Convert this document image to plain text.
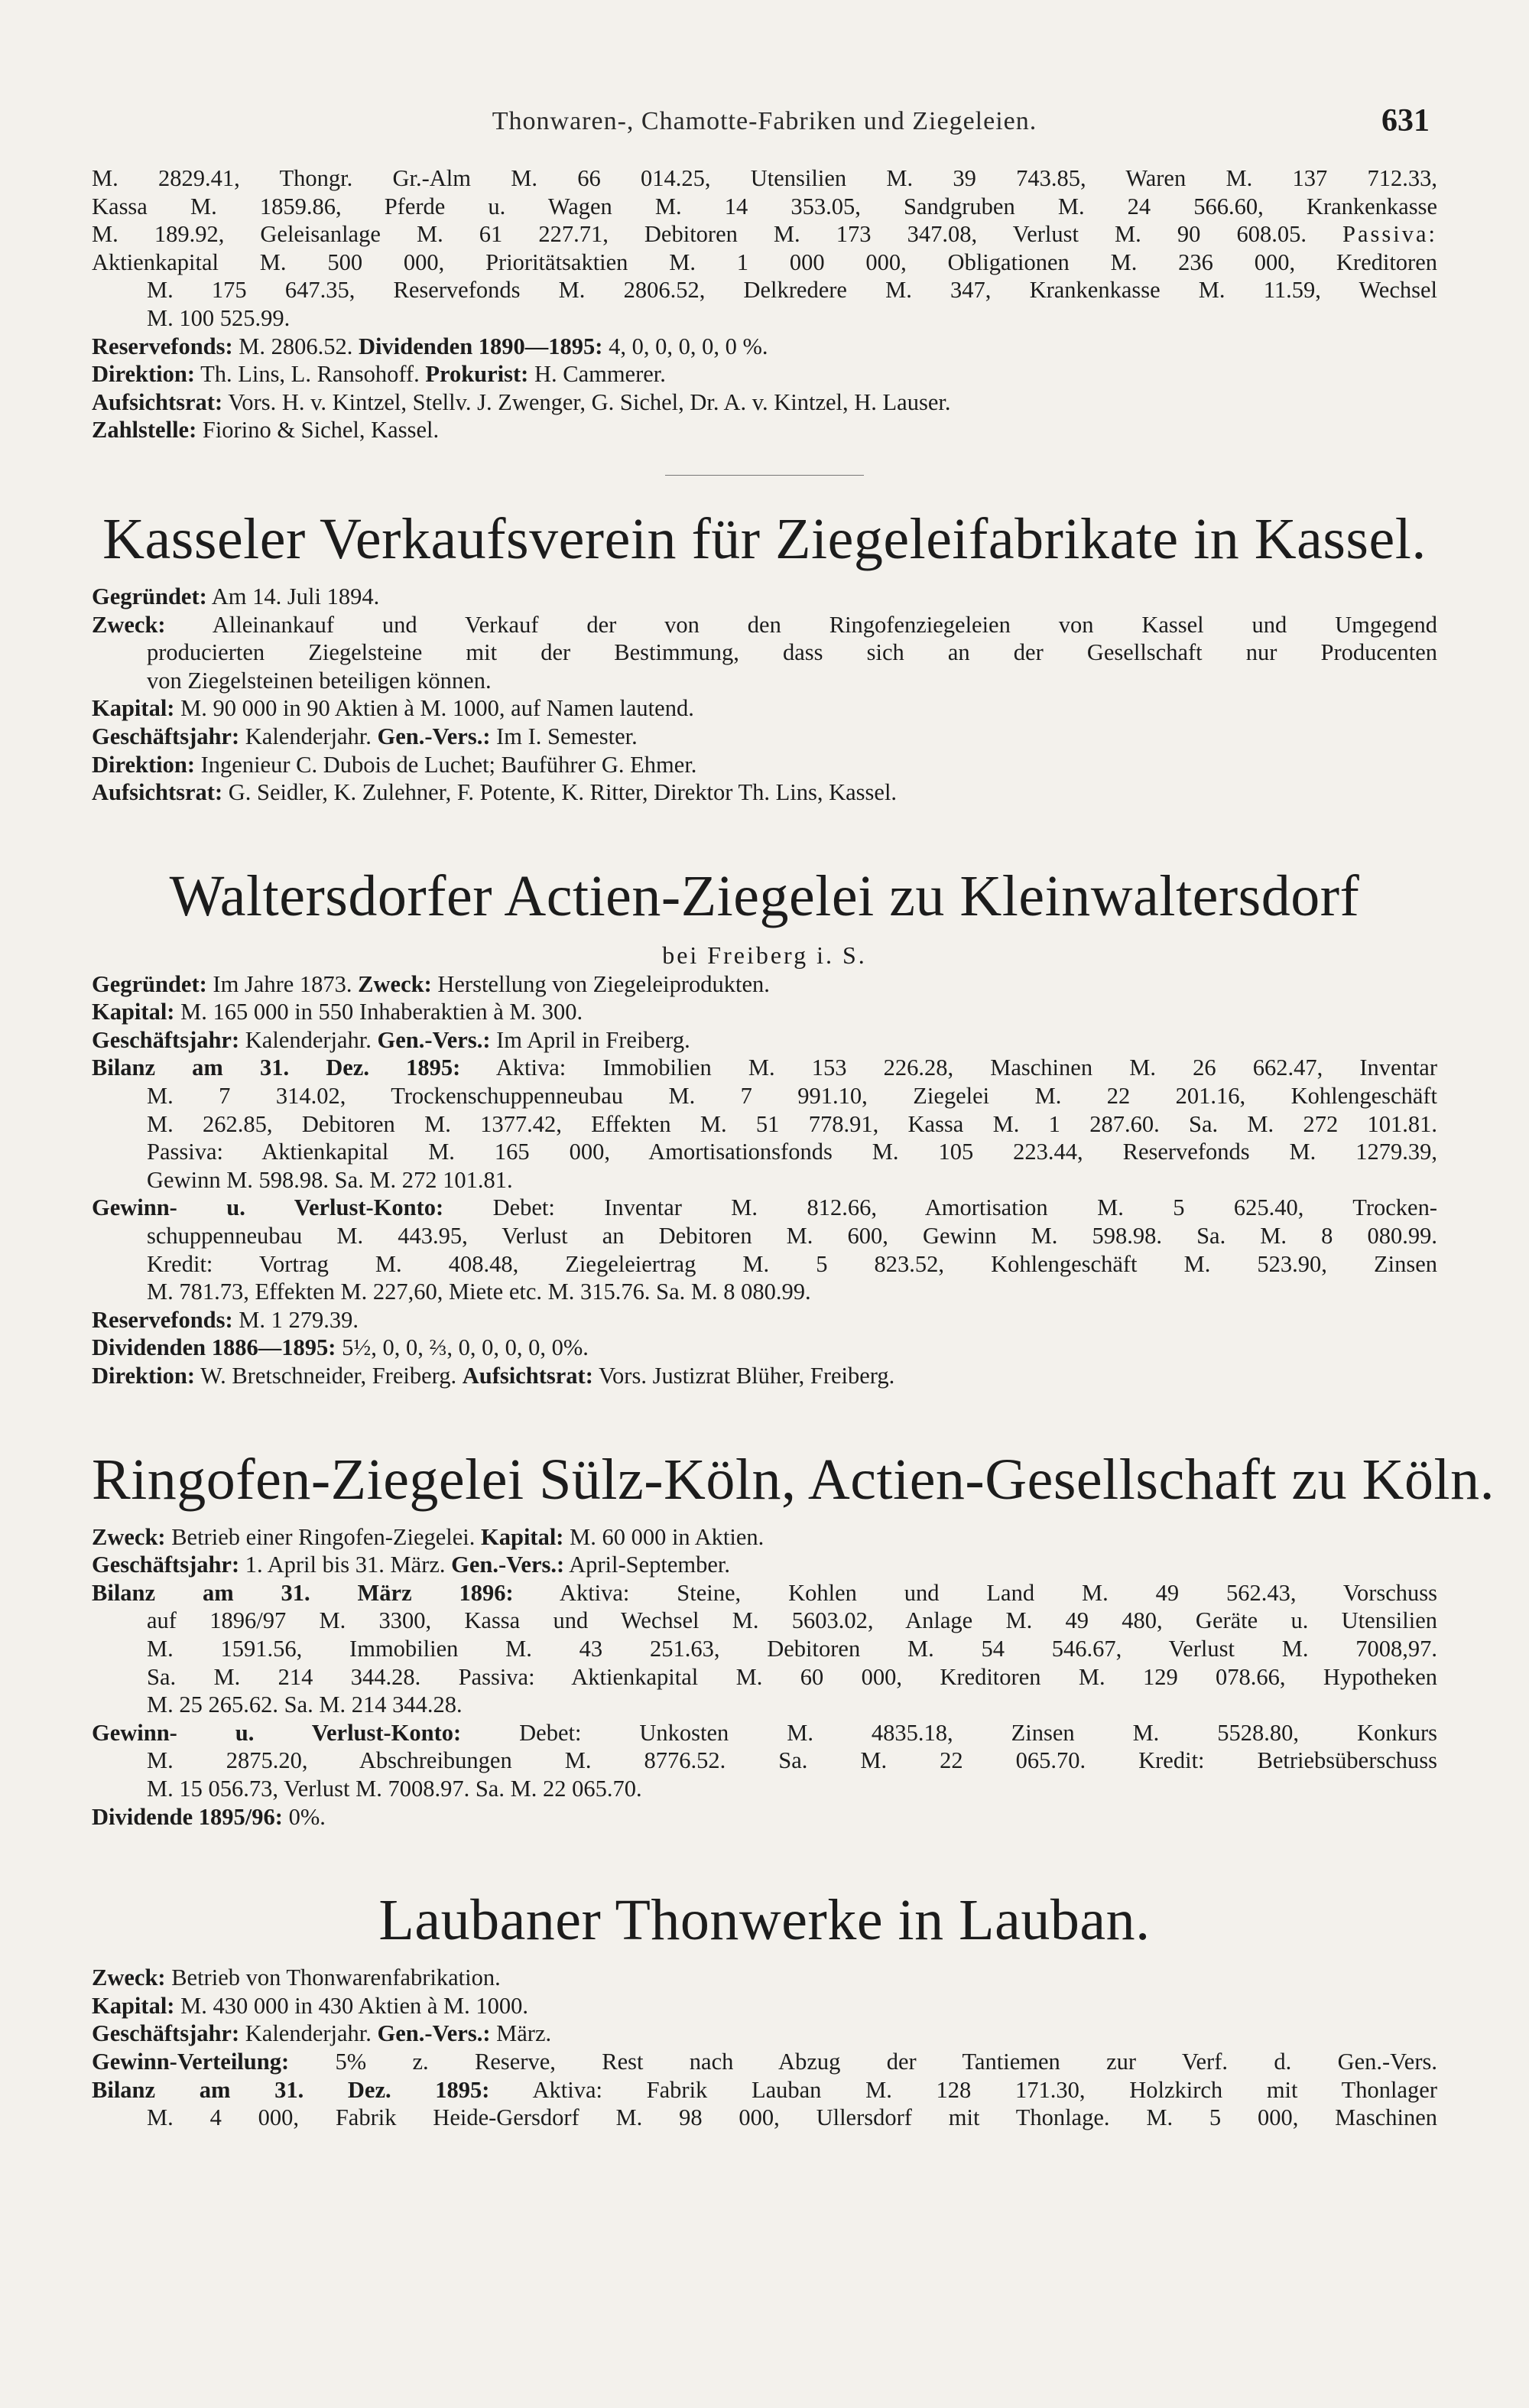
Thonwaren-, Chamotte-Fabriken und Ziegeleien.	631
M. 2829.41, Thongr. Gr.-Alm M. 66 014.25, Utensilien M. 39 743.85, Waren M. 137 712.33,
Kassa M. 1859.86, Pferde u. Wagen M. 14 353.05, Sandgruben M. 24 566.60, Krankenkasse
M. 189.92, Geleisanlage M. 61 227.71, Debitoren M. 173 347.08, Verlust M. 90 608.05. Passiva:
Aktienkapital M. 500 000, Prioritätsaktien M. 1 000 000, Obligationen M. 236 000, Kreditoren
M. 175 647.35, Reservefonds M. 2806.52, Delkredere M. 347, Krankenkasse M. 11.59, Wechsel
M. 100 525.99.
Reservefonds: M. 2806.52. Dividenden 1890—1895: 4, 0, 0, 0, 0, 0 %.
Direktion: Th. Lins, L. Ransohoff. Prokurist: H. Cammerer.
Aufsichtsrat: Vors. H. v. Kintzel, Stellv. J. Zwenger, G. Sichel, Dr. A. v. Kintzel, H. Lauser.
Zahlstelle: Fiorino & Sichel, Kassel.
Kasseler Verkaufsverein für Ziegeleifabrikate in Kassel.
Gegründet: Am 14. Juli 1894.
Zweck: Alleinankauf und Verkauf der von den Ringofenziegeleien von Kassel und Umgegend
producierten Ziegelsteine mit der Bestimmung, dass sich an der Gesellschaft nur Producenten
von Ziegelsteinen beteiligen können.
Kapital: M. 90 000 in 90 Aktien à M. 1000, auf Namen lautend.
Geschäftsjahr: Kalenderjahr. Gen.-Vers.: Im I. Semester.
Direktion: Ingenieur C. Dubois de Luchet; Bauführer G. Ehmer.
Aufsichtsrat: G. Seidler, K. Zulehner, F. Potente, K. Ritter, Direktor Th. Lins, Kassel.
Waltersdorfer Actien-Ziegelei zu Kleinwaltersdorf
bei Freiberg i. S.
Gegründet: Im Jahre 1873. Zweck: Herstellung von Ziegeleiprodukten.
Kapital: M. 165 000 in 550 Inhaberaktien à M. 300.
Geschäftsjahr: Kalenderjahr. Gen.-Vers.: Im April in Freiberg.
Bilanz am 31. Dez. 1895: Aktiva: Immobilien M. 153 226.28, Maschinen M. 26 662.47, Inventar
M. 7 314.02, Trockenschuppenneubau M. 7 991.10, Ziegelei M. 22 201.16, Kohlengeschäft
M. 262.85, Debitoren M. 1377.42, Effekten M. 51 778.91, Kassa M. 1 287.60. Sa. M. 272 101.81.
Passiva: Aktienkapital M. 165 000, Amortisationsfonds M. 105 223.44, Reservefonds M. 1279.39,
Gewinn M. 598.98. Sa. M. 272 101.81.
Gewinn- u. Verlust-Konto: Debet: Inventar M. 812.66, Amortisation M. 5 625.40, Trocken-
schuppenneubau M. 443.95, Verlust an Debitoren M. 600, Gewinn M. 598.98. Sa. M. 8 080.99.
Kredit: Vortrag M. 408.48, Ziegeleiertrag M. 5 823.52, Kohlengeschäft M. 523.90, Zinsen
M. 781.73, Effekten M. 227,60, Miete etc. M. 315.76. Sa. M. 8 080.99.
Reservefonds: M. 1 279.39.
Dividenden 1886—1895: 5½, 0, 0, ⅔, 0, 0, 0, 0, 0%.
Direktion: W. Bretschneider, Freiberg. Aufsichtsrat: Vors. Justizrat Blüher, Freiberg.
Ringofen-Ziegelei Sülz-Köln, Actien-Gesellschaft zu Köln.
Zweck: Betrieb einer Ringofen-Ziegelei. Kapital: M. 60 000 in Aktien.
Geschäftsjahr: 1. April bis 31. März. Gen.-Vers.: April-September.
Bilanz am 31. März 1896: Aktiva: Steine, Kohlen und Land M. 49 562.43, Vorschuss
auf 1896/97 M. 3300, Kassa und Wechsel M. 5603.02, Anlage M. 49 480, Geräte u. Utensilien
M. 1591.56, Immobilien M. 43 251.63, Debitoren M. 54 546.67, Verlust M. 7008,97.
Sa. M. 214 344.28. Passiva: Aktienkapital M. 60 000, Kreditoren M. 129 078.66, Hypotheken
M. 25 265.62. Sa. M. 214 344.28.
Gewinn- u. Verlust-Konto: Debet: Unkosten M. 4835.18, Zinsen M. 5528.80, Konkurs
M. 2875.20, Abschreibungen M. 8776.52. Sa. M. 22 065.70. Kredit: Betriebsüberschuss
M. 15 056.73, Verlust M. 7008.97. Sa. M. 22 065.70.
Dividende 1895/96: 0%.
Laubaner Thonwerke in Lauban.
Zweck: Betrieb von Thonwarenfabrikation.
Kapital: M. 430 000 in 430 Aktien à M. 1000.
Geschäftsjahr: Kalenderjahr. Gen.-Vers.: März.
Gewinn-Verteilung: 5% z. Reserve, Rest nach Abzug der Tantiemen zur Verf. d. Gen.-Vers.
Bilanz am 31. Dez. 1895: Aktiva: Fabrik Lauban M. 128 171.30, Holzkirch mit Thonlager
M. 4 000, Fabrik Heide-Gersdorf M. 98 000, Ullersdorf mit Thonlage. M. 5 000, Maschinen
